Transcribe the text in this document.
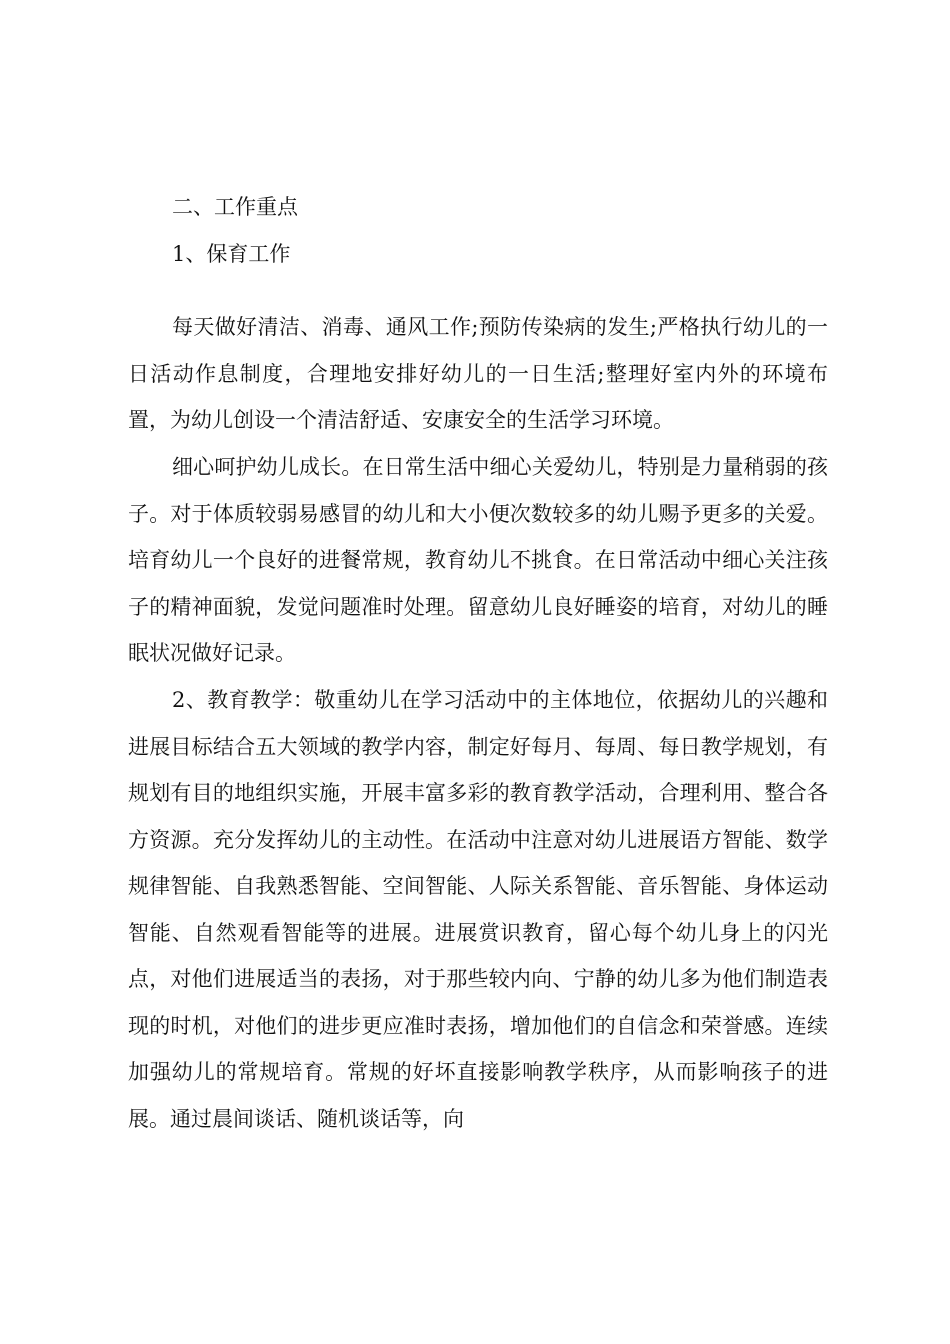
二、工作重点
1、保育工作

每天做好清洁、消毒、通风工作;预防传染病的发生;严格执行幼儿的一日活动作息制度，合理地安排好幼儿的一日生活;整理好室内外的环境布置，为幼儿创设一个清洁舒适、安康安全的生活学习环境。

细心呵护幼儿成长。在日常生活中细心关爱幼儿，特别是力量稍弱的孩子。对于体质较弱易感冒的幼儿和大小便次数较多的幼儿赐予更多的关爱。培育幼儿一个良好的进餐常规，教育幼儿不挑食。在日常活动中细心关注孩子的精神面貌，发觉问题准时处理。留意幼儿良好睡姿的培育，对幼儿的睡眠状况做好记录。

2、教育教学：敬重幼儿在学习活动中的主体地位，依据幼儿的兴趣和进展目标结合五大领域的教学内容，制定好每月、每周、每日教学规划，有规划有目的地组织实施，开展丰富多彩的教育教学活动，合理利用、整合各方资源。充分发挥幼儿的主动性。在活动中注意对幼儿进展语方智能、数学规律智能、自我熟悉智能、空间智能、人际关系智能、音乐智能、身体运动智能、自然观看智能等的进展。进展赏识教育，留心每个幼儿身上的闪光点，对他们进展适当的表扬，对于那些较内向、宁静的幼儿多为他们制造表现的时机，对他们的进步更应准时表扬，增加他们的自信念和荣誉感。连续加强幼儿的常规培育。常规的好坏直接影响教学秩序，从而影响孩子的进展。通过晨间谈话、随机谈话等，向
